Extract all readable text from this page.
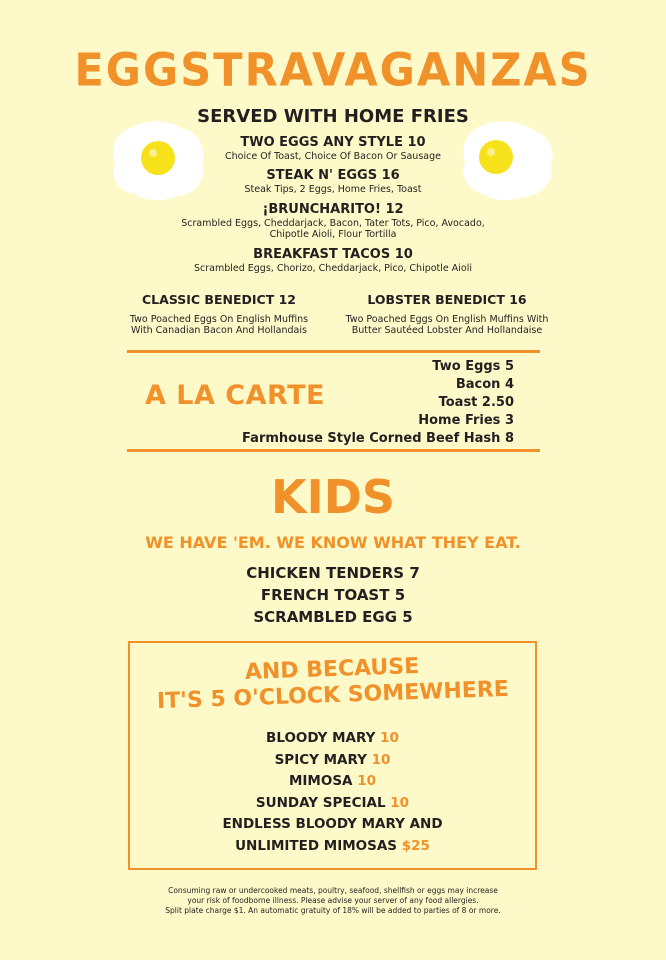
EGGSTRAVAGANZAS
SERVED WITH HOME FRIES
TWO EGGS ANY STYLE 10
Choice Of Toast, Choice Of Bacon Or Sausage
STEAK N' EGGS 16
Steak Tips, 2 Eggs, Home Fries, Toast
¡BRUNCHARITO! 12
Scrambled Eggs, Cheddarjack, Bacon, Tater Tots, Pico, Avocado,
Chipotle Aioli, Flour Tortilla
BREAKFAST TACOS 10
Scrambled Eggs, Chorizo, Cheddarjack, Pico, Chipotle Aioli
CLASSIC BENEDICT 12
Two Poached Eggs On English Muffins
With Canadian Bacon And Hollandais
LOBSTER BENEDICT 16
Two Poached Eggs On English Muffins With
Butter Sautéed Lobster And Hollandaise
A LA CARTE
Two Eggs 5
Bacon 4
Toast 2.50
Home Fries 3
Farmhouse Style Corned Beef Hash 8
KIDS
WE HAVE 'EM. WE KNOW WHAT THEY EAT.
CHICKEN TENDERS 7
FRENCH TOAST 5
SCRAMBLED EGG 5
AND BECAUSE
IT'S 5 O'CLOCK SOMEWHERE
BLOODY MARY 10
SPICY MARY 10
MIMOSA 10
SUNDAY SPECIAL 10
ENDLESS BLOODY MARY AND
UNLIMITED MIMOSAS $25
Consuming raw or undercooked meats, poultry, seafood, shellfish or eggs may increase
your risk of foodborne illness. Please advise your server of any food allergies.
Split plate charge $1. An automatic gratuity of 18% will be added to parties of 8 or more.
